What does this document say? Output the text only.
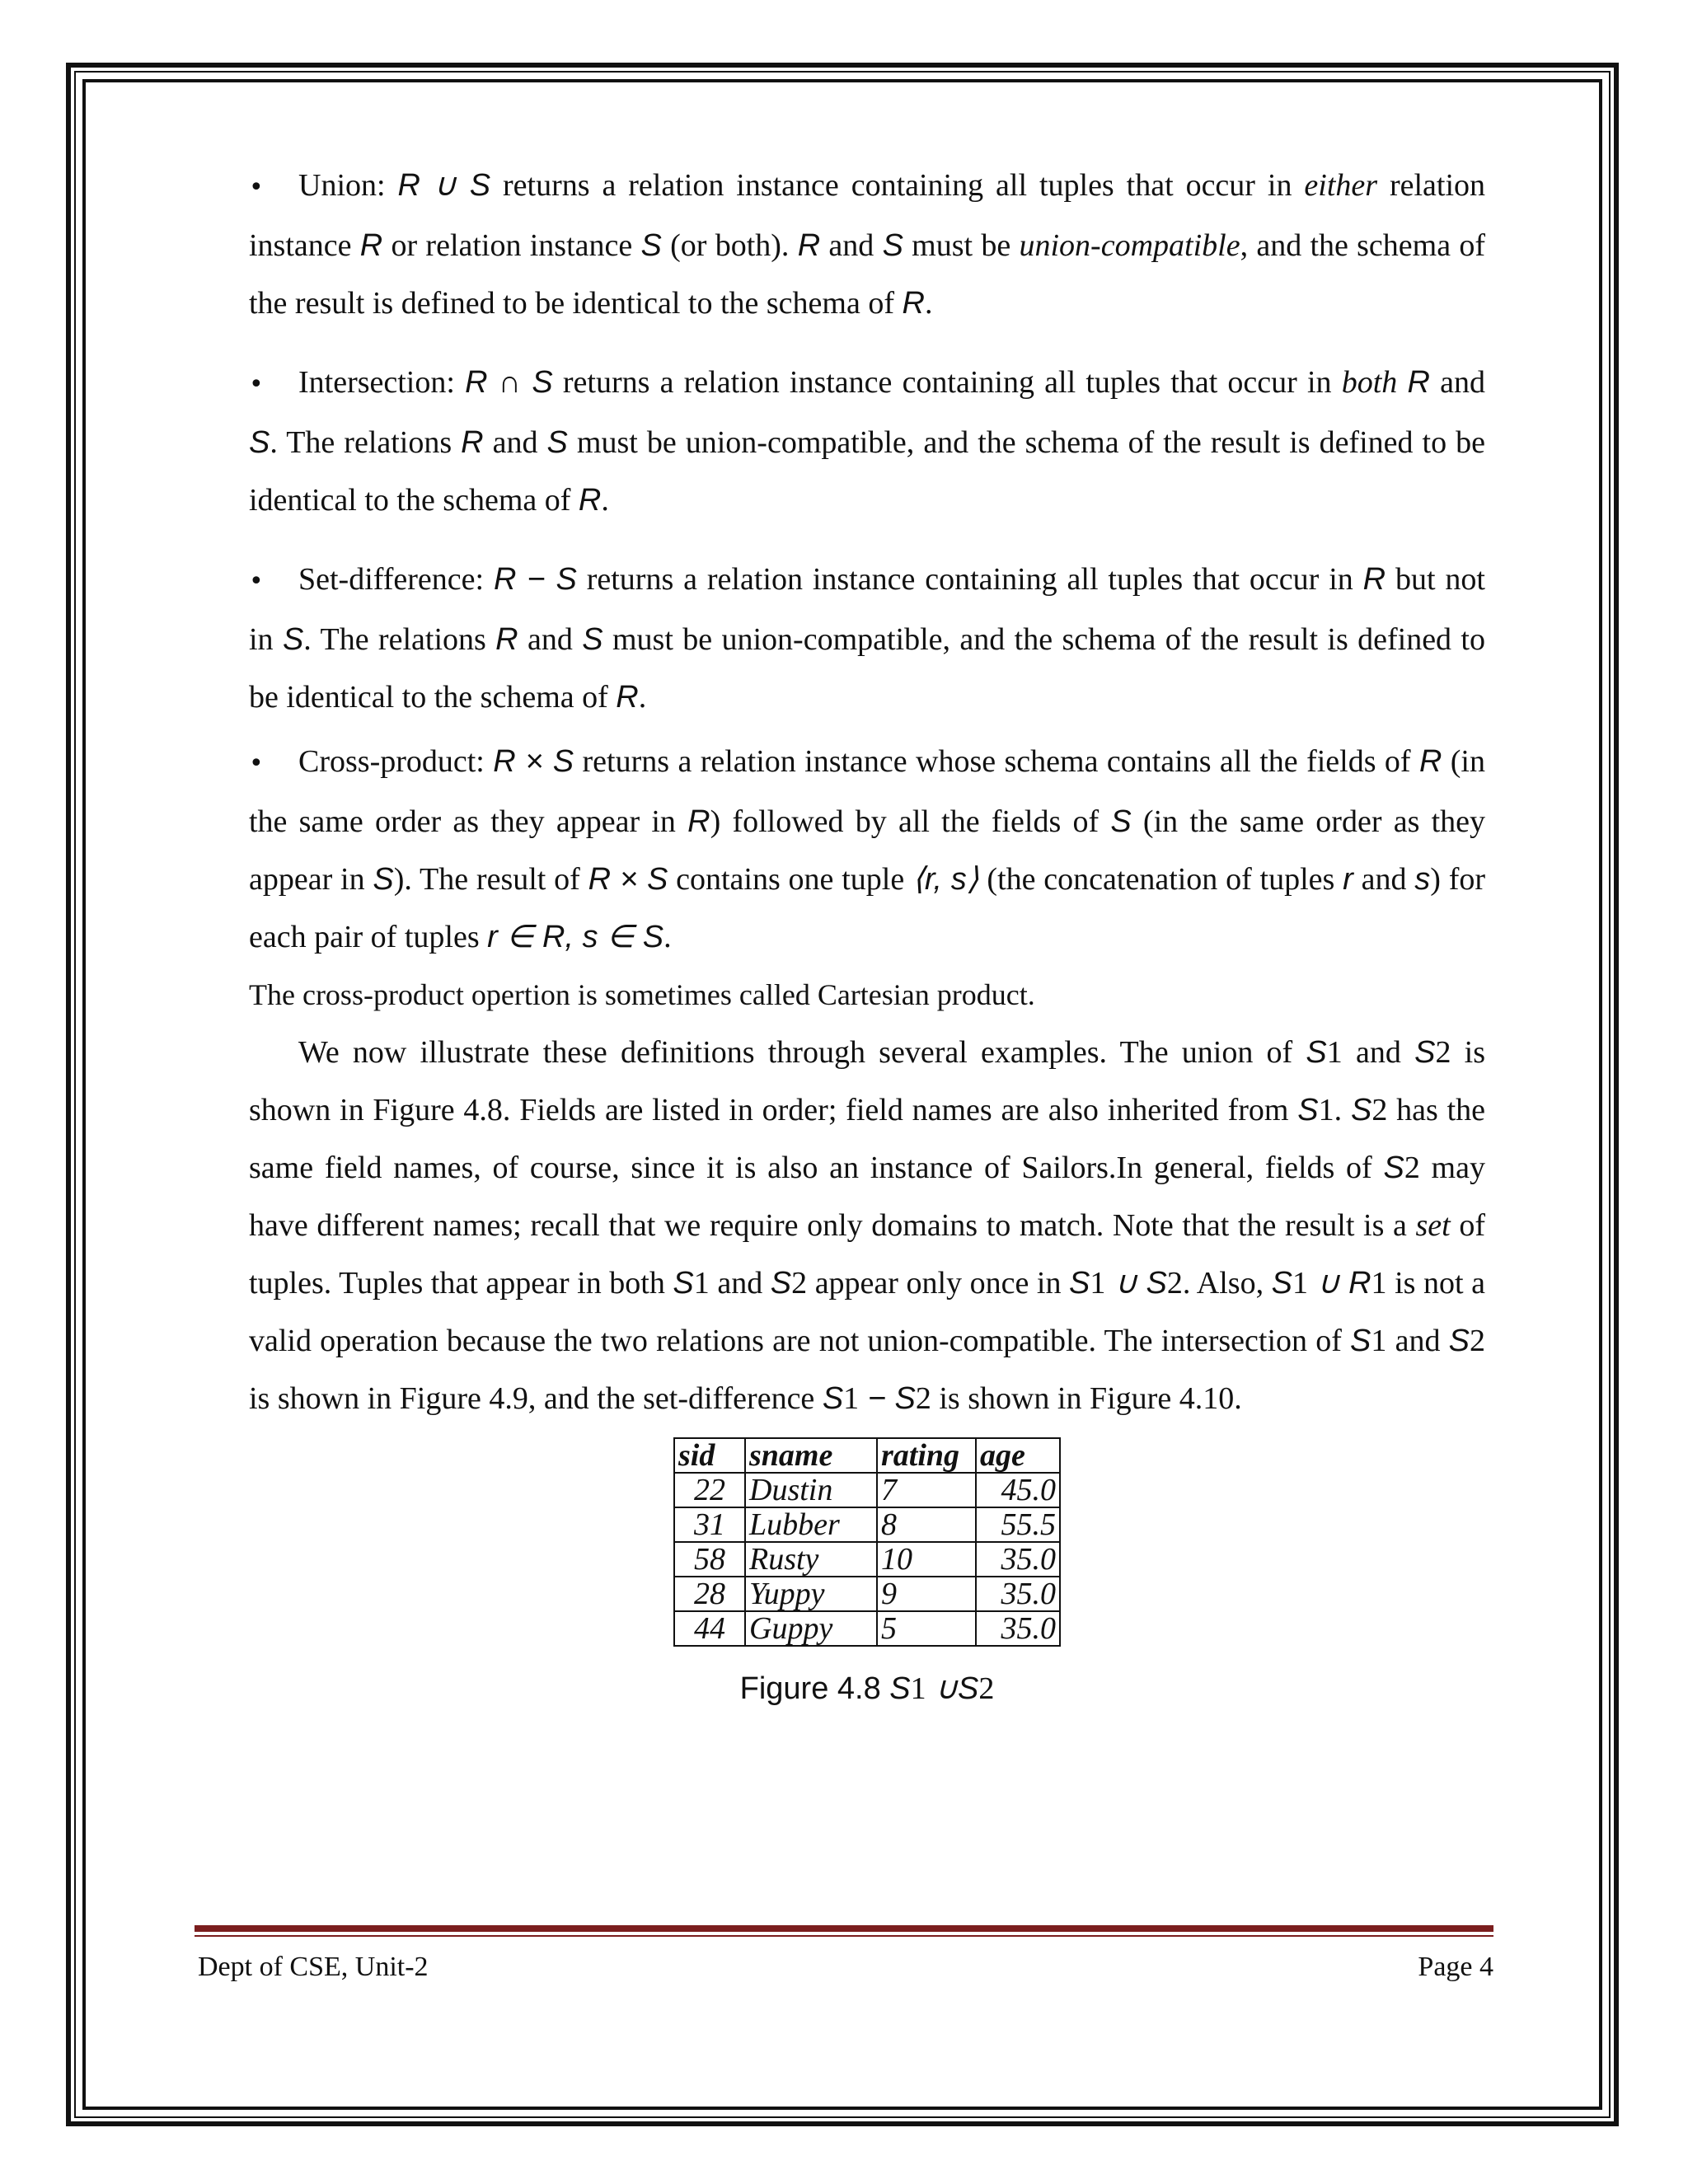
• Union: R ∪ S returns a relation instance containing all tuples that occur in either relation instance R or relation instance S (or both). R and S must be union-compatible, and the schema of the result is defined to be identical to the schema of R.

• Intersection: R ∩ S returns a relation instance containing all tuples that occur in both R and S. The relations R and S must be union-compatible, and the schema of the result is defined to be identical to the schema of R.

• Set-difference: R − S returns a relation instance containing all tuples that occur in R but not in S. The relations R and S must be union-compatible, and the schema of the result is defined to be identical to the schema of R.

• Cross-product: R × S returns a relation instance whose schema contains all the fields of R (in the same order as they appear in R) followed by all the fields of S (in the same order as they appear in S). The result of R × S contains one tuple ⟨r, s⟩ (the concatenation of tuples r and s) for each pair of tuples r ∈ R, s ∈ S.

The cross-product opertion is sometimes called Cartesian product.

We now illustrate these definitions through several examples. The union of S1 and S2 is shown in Figure 4.8. Fields are listed in order; field names are also inherited from S1. S2 has the same field names, of course, since it is also an instance of Sailors.In general, fields of S2 may have different names; recall that we require only domains to match. Note that the result is a set of tuples. Tuples that appear in both S1 and S2 appear only once in S1 ∪ S2. Also, S1 ∪ R1 is not a valid operation because the two relations are not union-compatible. The intersection of S1 and S2 is shown in Figure 4.9, and the set-difference S1 − S2 is shown in Figure 4.10.

sid	sname	rating	age
22	Dustin	7	45.0
31	Lubber	8	55.5
58	Rusty	10	35.0
28	Yuppy	9	35.0
44	Guppy	5	35.0
Figure 4.8 S1 ∪S2
Dept of CSE, Unit-2	Page 4
